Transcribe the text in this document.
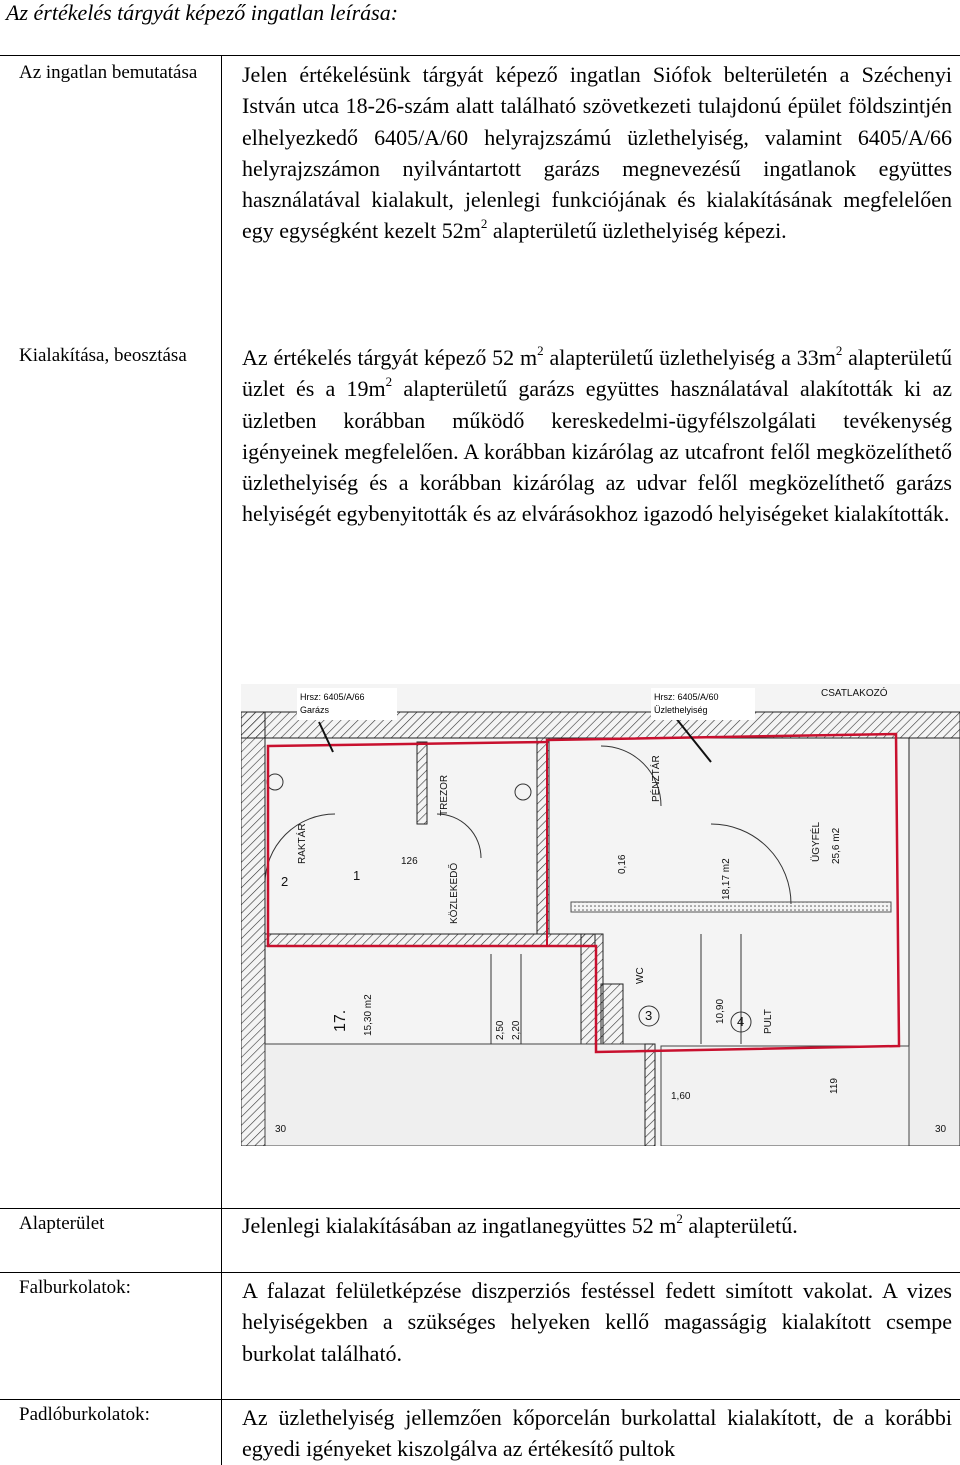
Az értékelés tárgyát képező ingatlan leírása:
Az ingatlan bemutatása	Jelen értékelésünk tárgyát képező ingatlan Siófok belterületén a Széchenyi István utca 18-26-szám alatt található szövetkezeti tulajdonú épület földszintjén elhelyezkedő 6405/A/60 helyrajzszámú üzlethelyiség, valamint 6405/A/66 helyrajzszámon nyilvántartott garázs megnevezésű ingatlanok együttes használatával kialakult, jelenlegi funkciójának és kialakításának megfelelően egy egységként kezelt $52m^2$ alapterületű üzlethelyiség képezi.
Kialakítása, beosztása	Az értékelés tárgyát képező 52 $m^2$ alapterületű üzlethelyiség a $33m^2$ alapterületű üzlet és a $19m^2$ alapterületű garázs együttes használatával alakították ki az üzletben korábban működő kereskedelmi-ügyfélszolgálati tevékenység igényeinek megfelelően. A korábban kizárólag az utcafront felől megközelíthető üzlethelyiség és a korábban kizárólag az udvar felől megközelíthető garázs helyiségét egybenyitották és az elvárásokhoz igazodó helyiségeket kialakították.
Hrsz: 6405/A/66
Garázs
Hrsz: 6405/A/60
Üzlethelyiség
TREZOR
RAKTÁR
KÖZLEKEDŐ
PÉNZTÁR
ÜGYFÉL
WC
PULT
CSATLAKOZÓ
17. 15,30 m2
1
2
3	4
30
126
2,50 2,20
10,90
1,60
0,16
119
30
25,6 m2
18,17 m2
Alapterület	Jelenlegi kialakításában az ingatlanegyüttes 52 $m^2$ alapterületű.
Falburkolatok:	A falazat felületképzése diszperziós festéssel fedett simított vakolat. A vizes helyiségekben a szükséges helyeken kellő magasságig kialakított csempe burkolat található.
Padlóburkolatok:	Az üzlethelyiség jellemzően kőporcelán burkolattal kialakított, de a korábbi egyedi igényeket kiszolgálva az értékesítő pultok
